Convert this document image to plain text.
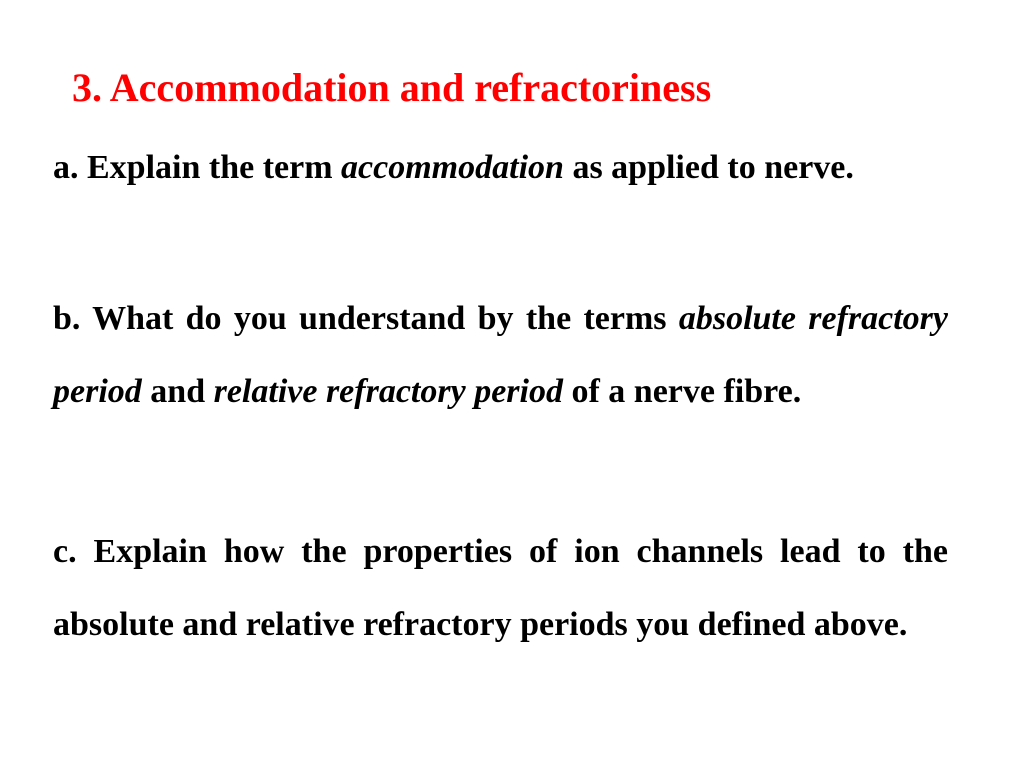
3. Accommodation and refractoriness

a. Explain the term accommodation as applied to nerve.

b. What do you understand by the terms absolute refractory period and relative refractory period of a nerve fibre.

c. Explain how the properties of ion channels lead to the absolute and relative refractory periods you defined above.
